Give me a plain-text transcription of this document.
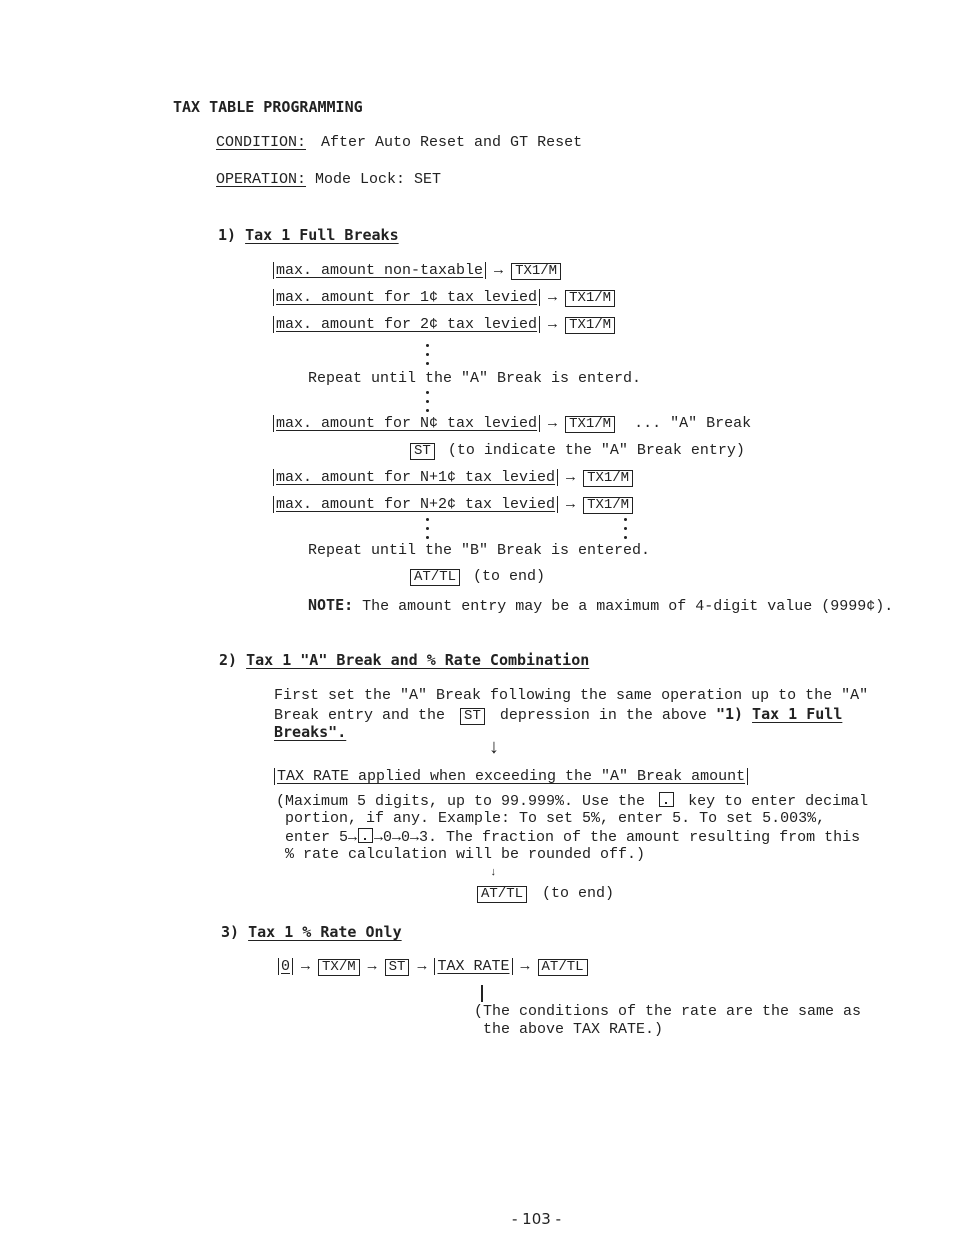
TAX TABLE PROGRAMMING
CONDITION: After Auto Reset and GT Reset
OPERATION: Mode Lock: SET
1) Tax 1 Full Breaks
max. amount non-taxable → TX1/M
max. amount for 1¢ tax levied → TX1/M
max. amount for 2¢ tax levied → TX1/M
Repeat until the "A" Break is enterd.
max. amount for N¢ tax levied → TX1/M ... "A" Break
ST (to indicate the "A" Break entry)
max. amount for N+1¢ tax levied → TX1/M
max. amount for N+2¢ tax levied → TX1/M
Repeat until the "B" Break is entered.
AT/TL (to end)
NOTE: The amount entry may be a maximum of 4-digit value (9999¢).
2) Tax 1 "A" Break and % Rate Combination
First set the "A" Break following the same operation up to the "A"
Break entry and the ST depression in the above "1) Tax 1 Full
Breaks".
↓
TAX RATE applied when exceeding the "A" Break amount
(Maximum 5 digits, up to 99.999%. Use the	key to enter decimal
portion, if any. Example: To set 5%, enter 5. To set 5.003%,
enter 5→ →0→0→3. The fraction of the amount resulting from this
% rate calculation will be rounded off.)
↓
AT/TL (to end)
3) Tax 1 % Rate Only
0 → TX/M → ST → TAX RATE → AT/TL
(The conditions of the rate are the same as
the above TAX RATE.)
- 103 -
